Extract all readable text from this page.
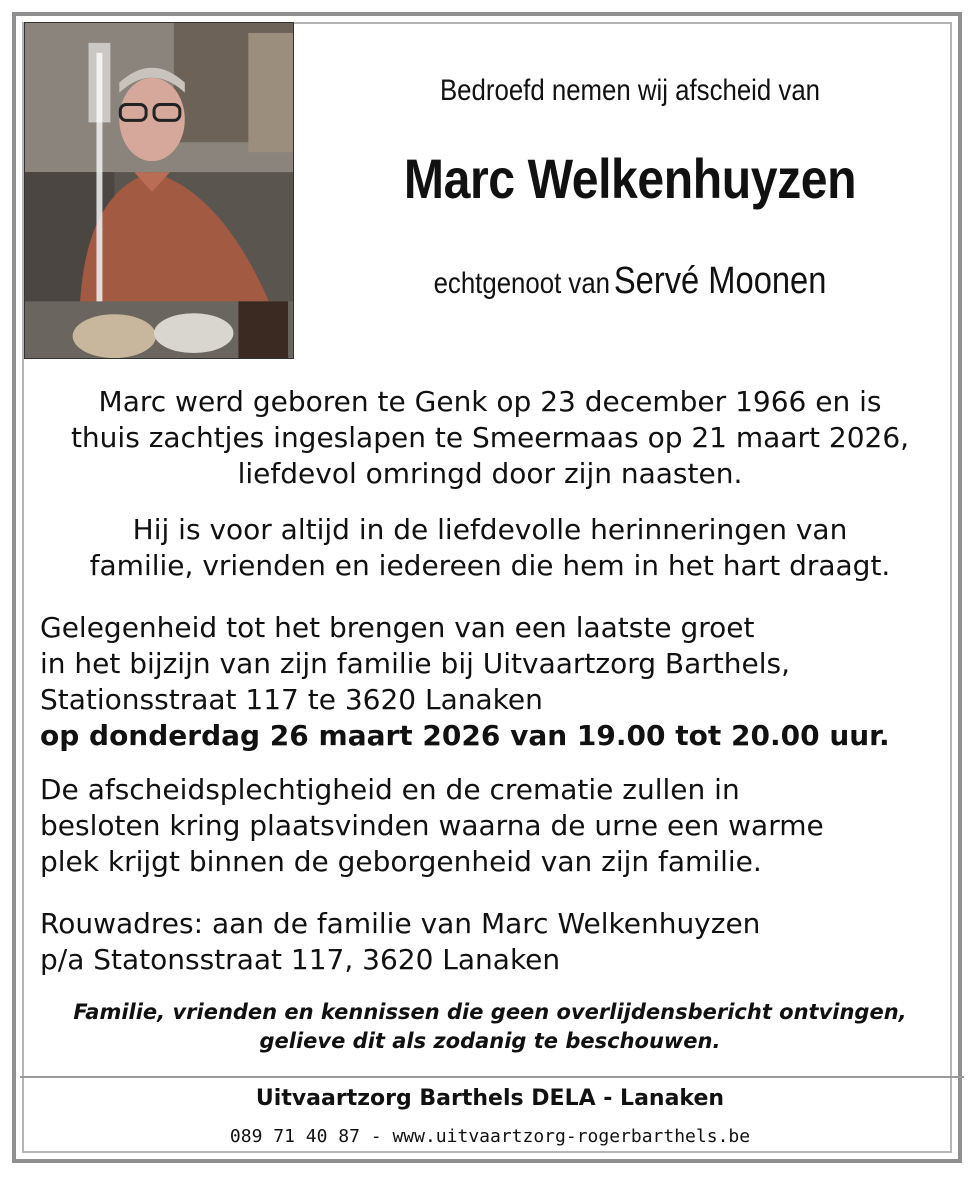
Bedroefd nemen wij afscheid van
Marc Welkenhuyzen
echtgenoot van Servé Moonen
Marc werd geboren te Genk op 23 december 1966 en is
thuis zachtjes ingeslapen te Smeermaas op 21 maart 2026,
liefdevol omringd door zijn naasten.
Hij is voor altijd in de liefdevolle herinneringen van
familie, vrienden en iedereen die hem in het hart draagt.
Gelegenheid tot het brengen van een laatste groet
in het bijzijn van zijn familie bij Uitvaartzorg Barthels,
Stationsstraat 117 te 3620 Lanaken
op donderdag 26 maart 2026 van 19.00 tot 20.00 uur.
De afscheidsplechtigheid en de crematie zullen in
besloten kring plaatsvinden waarna de urne een warme
plek krijgt binnen de geborgenheid van zijn familie.
Rouwadres: aan de familie van Marc Welkenhuyzen
p/a Statonsstraat 117, 3620 Lanaken
Familie, vrienden en kennissen die geen overlijdensbericht ontvingen,
gelieve dit als zodanig te beschouwen.
Uitvaartzorg Barthels DELA - Lanaken
089 71 40 87 - www.uitvaartzorg-rogerbarthels.be
